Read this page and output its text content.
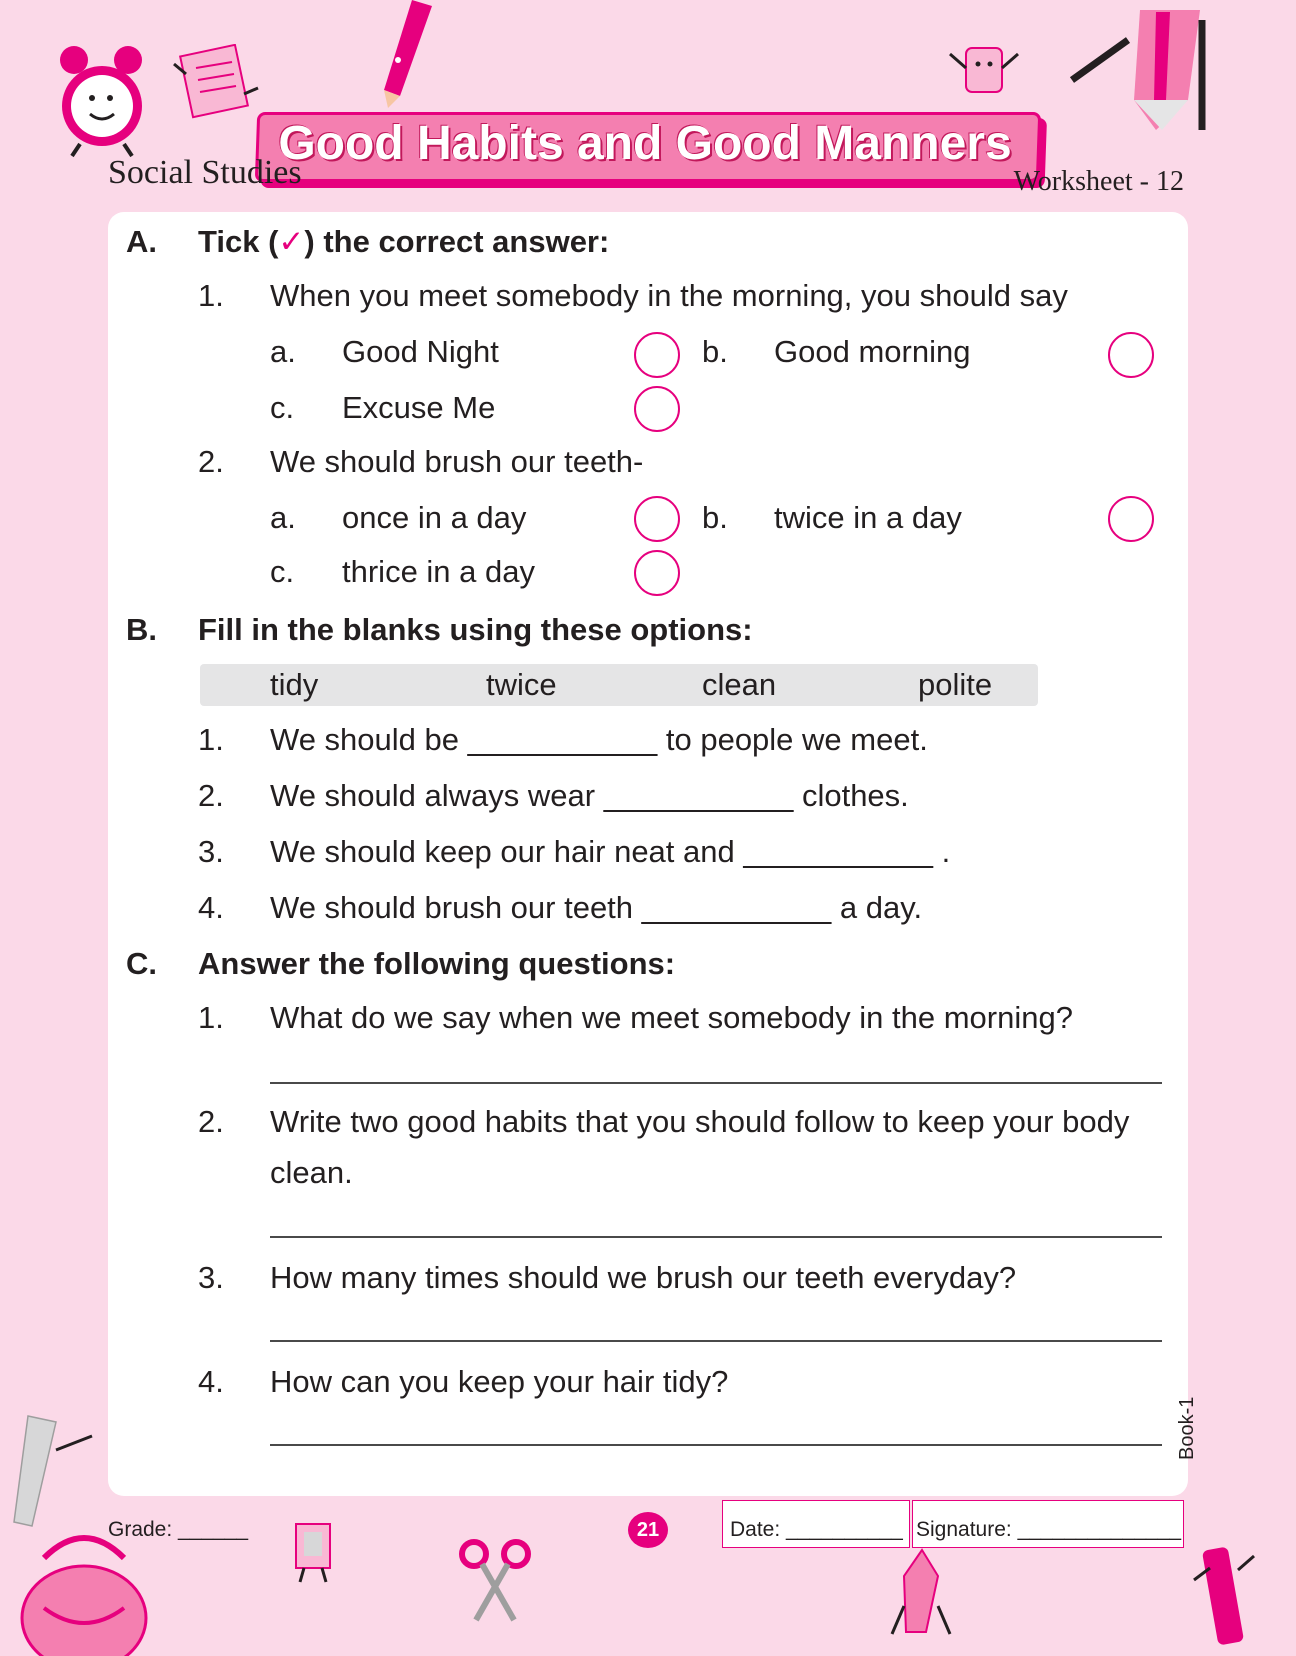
Good Habits and Good Manners
Social Studies	Worksheet - 12
A. Tick (✓) the correct answer:
1. When you meet somebody in the morning, you should say
a. Good Night	b. Good morning
c. Excuse Me
2. We should brush our teeth-
a. once in a day	b. twice in a day
c. thrice in a day
B. Fill in the blanks using these options:
tidy	twice	clean	polite
1. We should be ___________ to people we meet.
2. We should always wear ___________ clothes.
3. We should keep our hair neat and ___________ .
4. We should brush our teeth ___________ a day.
C. Answer the following questions:
1. What do we say when we meet somebody in the morning?
2. Write two good habits that you should follow to keep your body
clean.
3. How many times should we brush our teeth everyday?
4. How can you keep your hair tidy?
Book-1
Grade: ______	21	Date: __________ Signature: ______________
